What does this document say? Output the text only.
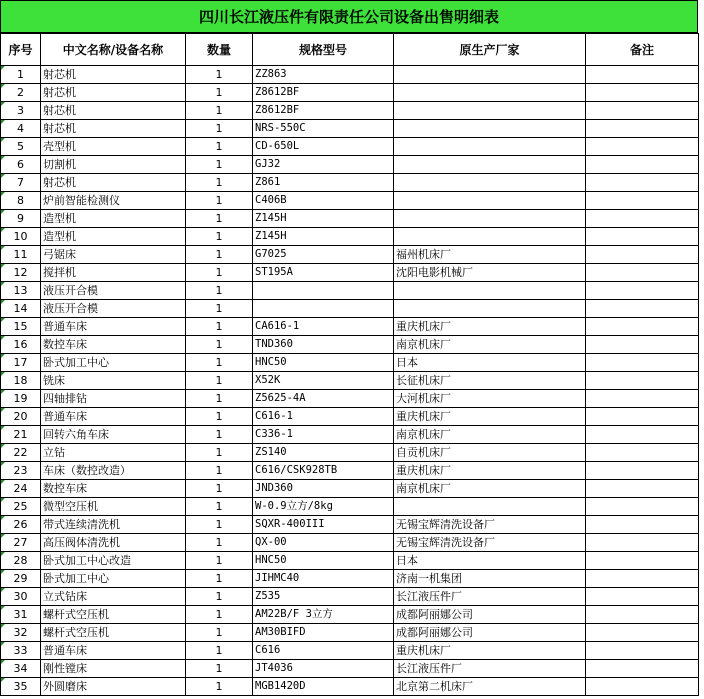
四川长江液压件有限责任公司设备出售明细表
序号	中文名称/设备名称	数量	规格型号	原生产厂家	备注
1	射芯机	1	ZZ863		
2	射芯机	1	Z8612BF		
3	射芯机	1	Z8612BF		
4	射芯机	1	NRS-550C		
5	壳型机	1	CD-650L		
6	切割机	1	GJ32		
7	射芯机	1	Z861		
8	炉前智能检测仪	1	C406B		
9	造型机	1	Z145H		
10	造型机	1	Z145H		
11	弓锯床	1	G7025	福州机床厂	
12	搅拌机	1	ST195A	沈阳电影机械厂	
13	液压开合模	1			
14	液压开合模	1			
15	普通车床	1	CA616-1	重庆机床厂	
16	数控车床	1	TND360	南京机床厂	
17	卧式加工中心	1	HNC50	日本	
18	铣床	1	X52K	长征机床厂	
19	四轴排钻	1	Z5625-4A	大河机床厂	
20	普通车床	1	C616-1	重庆机床厂	
21	回转六角车床	1	C336-1	南京机床厂	
22	立钻	1	ZS140	自贡机床厂	
23	车床（数控改造）	1	C616/CSK928TB	重庆机床厂	
24	数控车床	1	JND360	南京机床厂	
25	微型空压机	1	W-0.9立方/8kg		
26	带式连续清洗机	1	SQXR-400III	无锡宝辉清洗设备厂	
27	高压阀体清洗机	1	QX-00	无锡宝辉清洗设备厂	
28	卧式加工中心改造	1	HNC50	日本	
29	卧式加工中心	1	JIHMC40	济南一机集团	
30	立式钻床	1	Z535	长江液压件厂	
31	螺杆式空压机	1	AM22B/F 3立方	成都阿丽娜公司	
32	螺杆式空压机	1	AM30BIFD	成都阿丽娜公司	
33	普通车床	1	C616	重庆机床厂	
34	刚性镗床	1	JT4036	长江液压件厂	
35	外圆磨床	1	MGB1420D	北京第二机床厂	
